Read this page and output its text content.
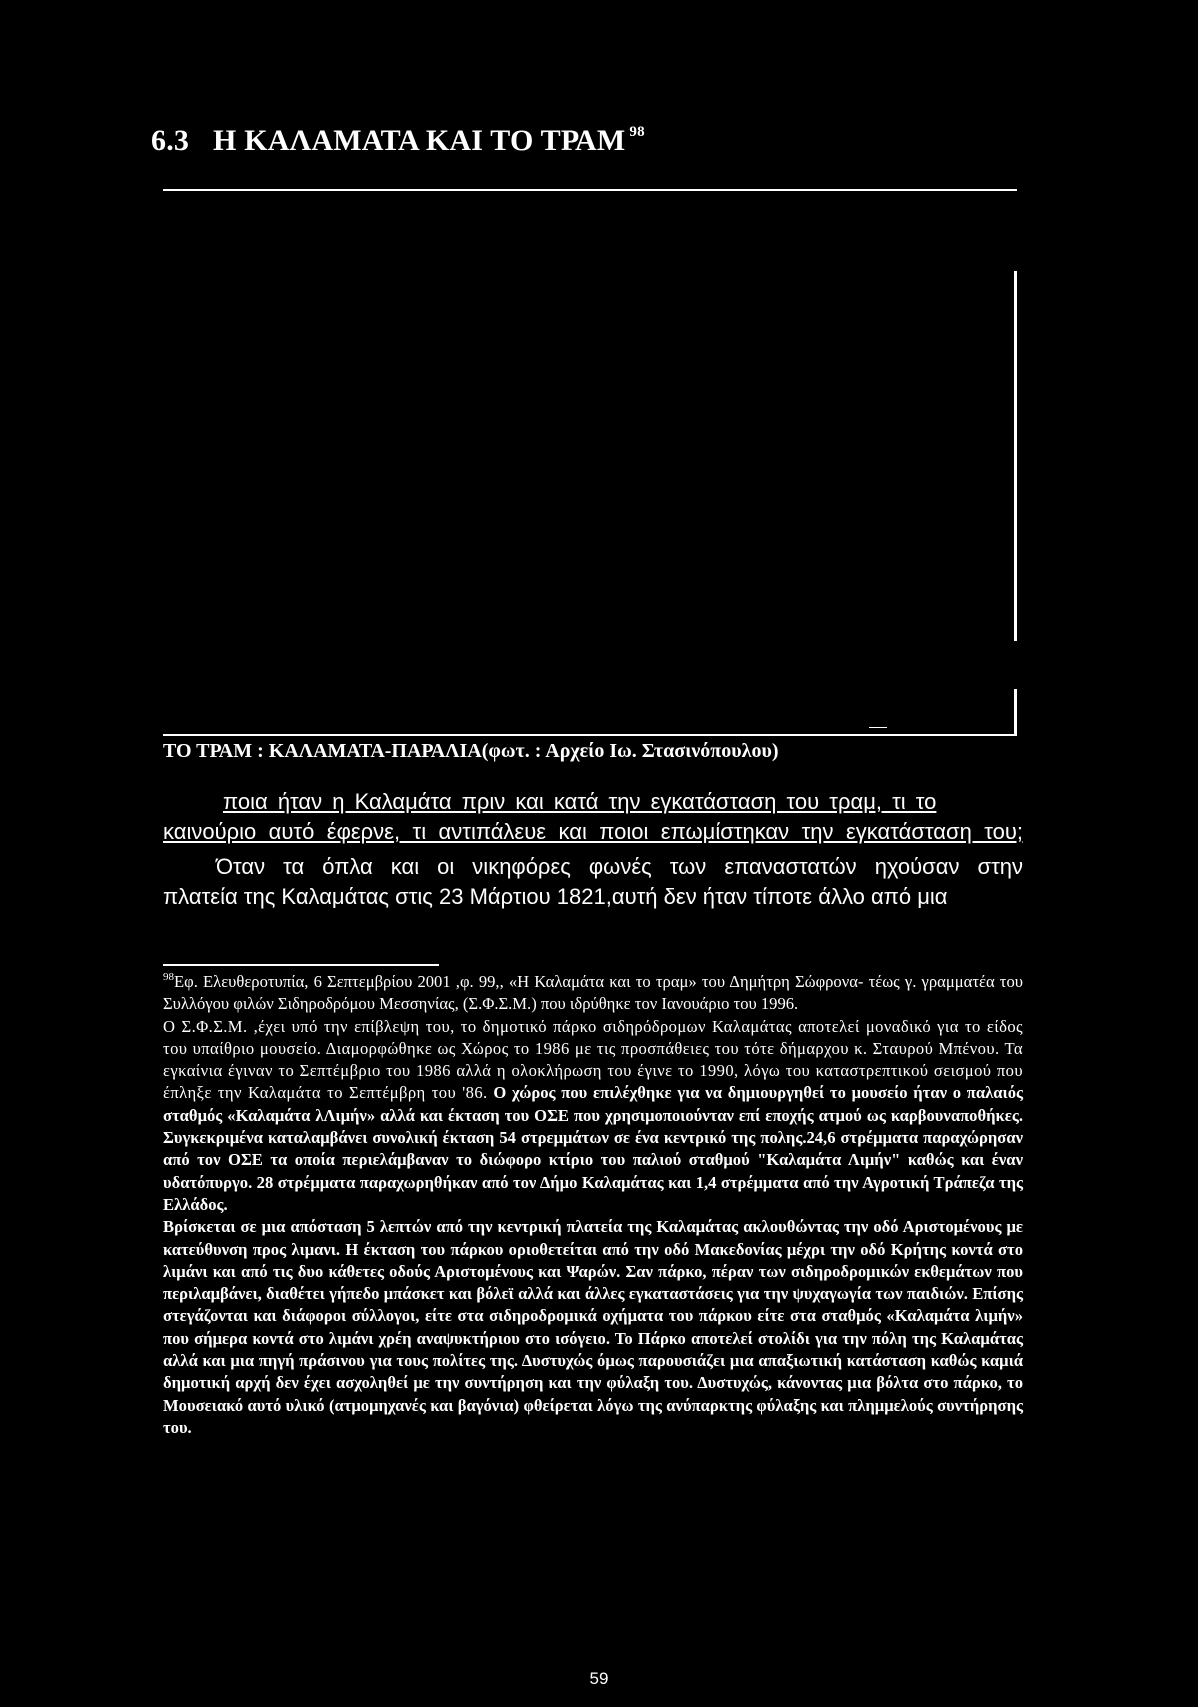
6.3 Η ΚΑΛΑΜΑΤΑ ΚΑΙ ΤΟ ΤΡΑΜ $^{98}$
ΤΟ ΤΡΑΜ : ΚΑΛΑΜΑΤΑ-ΠΑΡΑΛΙΑ(φωτ. : Αρχείο Ιω. Στασινόπουλου)
ποια ήταν η Καλαμάτα πριν και κατά την εγκατάσταση του τραμ, τι το
καινούριο αυτό έφερνε, τι αντιπάλευε και ποιοι επωμίστηκαν την εγκατάσταση του;
Όταν τα όπλα και οι νικηφόρες φωνές των επαναστατών ηχούσαν στην
πλατεία της Καλαμάτας στις 23 Μάρτιου 1821,αυτή δεν ήταν τίποτε άλλο από μια

$^{98}$Εφ. Ελευθεροτυπία, 6 Σεπτεμβρίου 2001 ,φ. 99,, «Η Καλαμάτα και το τραμ» του Δημήτρη Σώφρονα- τέως γ. γραμματέα του Συλλόγου φιλών Σιδηροδρόμου Μεσσηνίας, (Σ.Φ.Σ.Μ.) που ιδρύθηκε τον Ιανουάριο του 1996.

Ο Σ.Φ.Σ.Μ. ,έχει υπό την επίβλεψη του, το δημοτικό πάρκο σιδηρόδρομων Καλαμάτας αποτελεί μοναδικό για το είδος του υπαίθριο μουσείο. Διαμορφώθηκε ως Χώρος το 1986 με τις προσπάθειες του τότε δήμαρχου κ. Σταυρού Μπένου. Τα εγκαίνια έγιναν το Σεπτέμβριο του 1986 αλλά η ολοκλήρωση του έγινε το 1990, λόγω του καταστρεπτικού σεισμού που έπληξε την Καλαμάτα το Σεπτέμβρη του '86. Ο χώρος που επιλέχθηκε για να δημιουργηθεί το μουσείο ήταν ο παλαιός σταθμός «Καλαμάτα λΛιμήν» αλλά και έκταση του ΟΣΕ που χρησιμοποιούνταν επί εποχής ατμού ως καρβουναποθήκες. Συγκεκριμένα καταλαμβάνει συνολική έκταση 54 στρεμμάτων σε ένα κεντρικό της πολης.24,6 στρέμματα παραχώρησαν από τον ΟΣΕ τα οποία περιελάμβαναν το διώφορο κτίριο του παλιού σταθμού "Καλαμάτα Λιμήν" καθώς και έναν υδατόπυργο. 28 στρέμματα παραχωρηθήκαν από τον Δήμο Καλαμάτας και 1,4 στρέμματα από την Αγροτική Τράπεζα της Ελλάδος.

Βρίσκεται σε μια απόσταση 5 λεπτών από την κεντρική πλατεία της Καλαμάτας ακλουθώντας την οδό Αριστομένους με κατεύθυνση προς λιμανι. Η έκταση του πάρκου οριοθετείται από την οδό Μακεδονίας μέχρι την οδό Κρήτης κοντά στο λιμάνι και από τις δυο κάθετες οδούς Αριστομένους και Ψαρών. Σαν πάρκο, πέραν των σιδηροδρομικών εκθεμάτων που περιλαμβάνει, διαθέτει γήπεδο μπάσκετ και βόλεϊ αλλά και άλλες εγκαταστάσεις για την ψυχαγωγία των παιδιών. Επίσης στεγάζονται και διάφοροι σύλλογοι, είτε στα σιδηροδρομικά οχήματα του πάρκου είτε στα σταθμός «Καλαμάτα λιμήν» που σήμερα κοντά στο λιμάνι χρέη αναψυκτήριου στο ισόγειο. Το Πάρκο αποτελεί στολίδι για την πόλη της Καλαμάτας αλλά και μια πηγή πράσινου για τους πολίτες της. Δυστυχώς όμως παρουσιάζει μια απαξιωτική κατάσταση καθώς καμιά δημοτική αρχή δεν έχει ασχοληθεί με την συντήρηση και την φύλαξη του. Δυστυχώς, κάνοντας μια βόλτα στο πάρκο, το Μουσειακό αυτό υλικό (ατμομηχανές και βαγόνια) φθείρεται λόγω της ανύπαρκτης φύλαξης και πλημμελούς συντήρησης του.

59
